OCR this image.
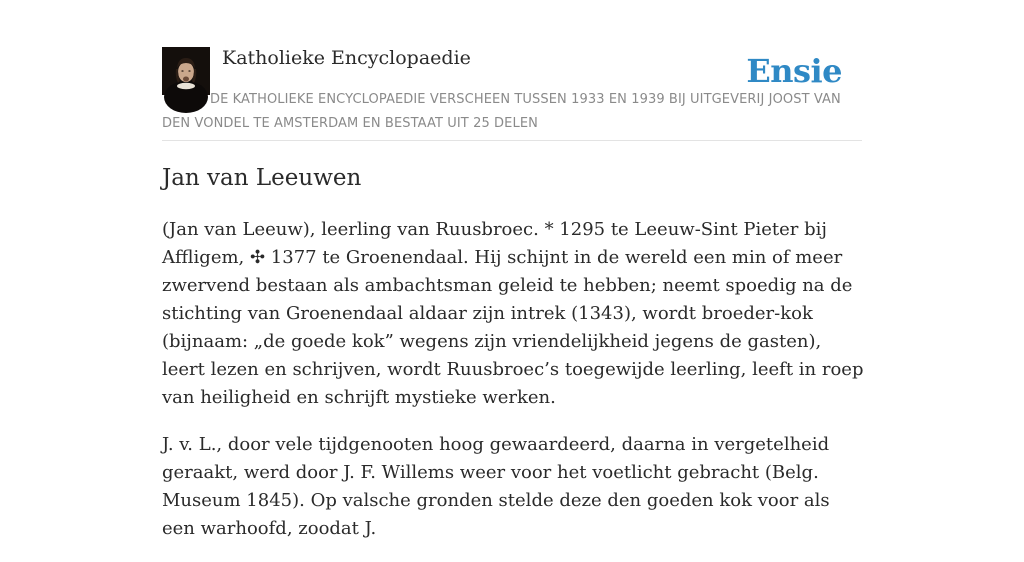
Katholieke Encyclopaedie	Ensie
DE KATHOLIEKE ENCYCLOPAEDIE VERSCHEEN TUSSEN 1933 EN 1939 BIJ UITGEVERIJ JOOST VAN DEN VONDEL TE AMSTERDAM EN BESTAAT UIT 25 DELEN
Jan van Leeuwen

(Jan van Leeuw), leerling van Ruusbroec. * 1295 te Leeuw-Sint Pieter bij Affligem, ✣ 1377 te Groenendaal. Hij schijnt in de wereld een min of meer zwervend bestaan als ambachtsman geleid te hebben; neemt spoedig na de stichting van Groenendaal aldaar zijn intrek (1343), wordt broeder-kok (bijnaam: „de goede kok” wegens zijn vriendelijkheid jegens de gasten), leert lezen en schrijven, wordt Ruusbroec’s toegewijde leerling, leeft in roep van heiligheid en schrijft mystieke werken.

J. v. L., door vele tijdgenooten hoog gewaardeerd, daarna in vergetelheid geraakt, werd door J. F. Willems weer voor het voetlicht gebracht (Belg. Museum 1845). Op valsche gronden stelde deze den goeden kok voor als een warhoofd, zoodat J.
